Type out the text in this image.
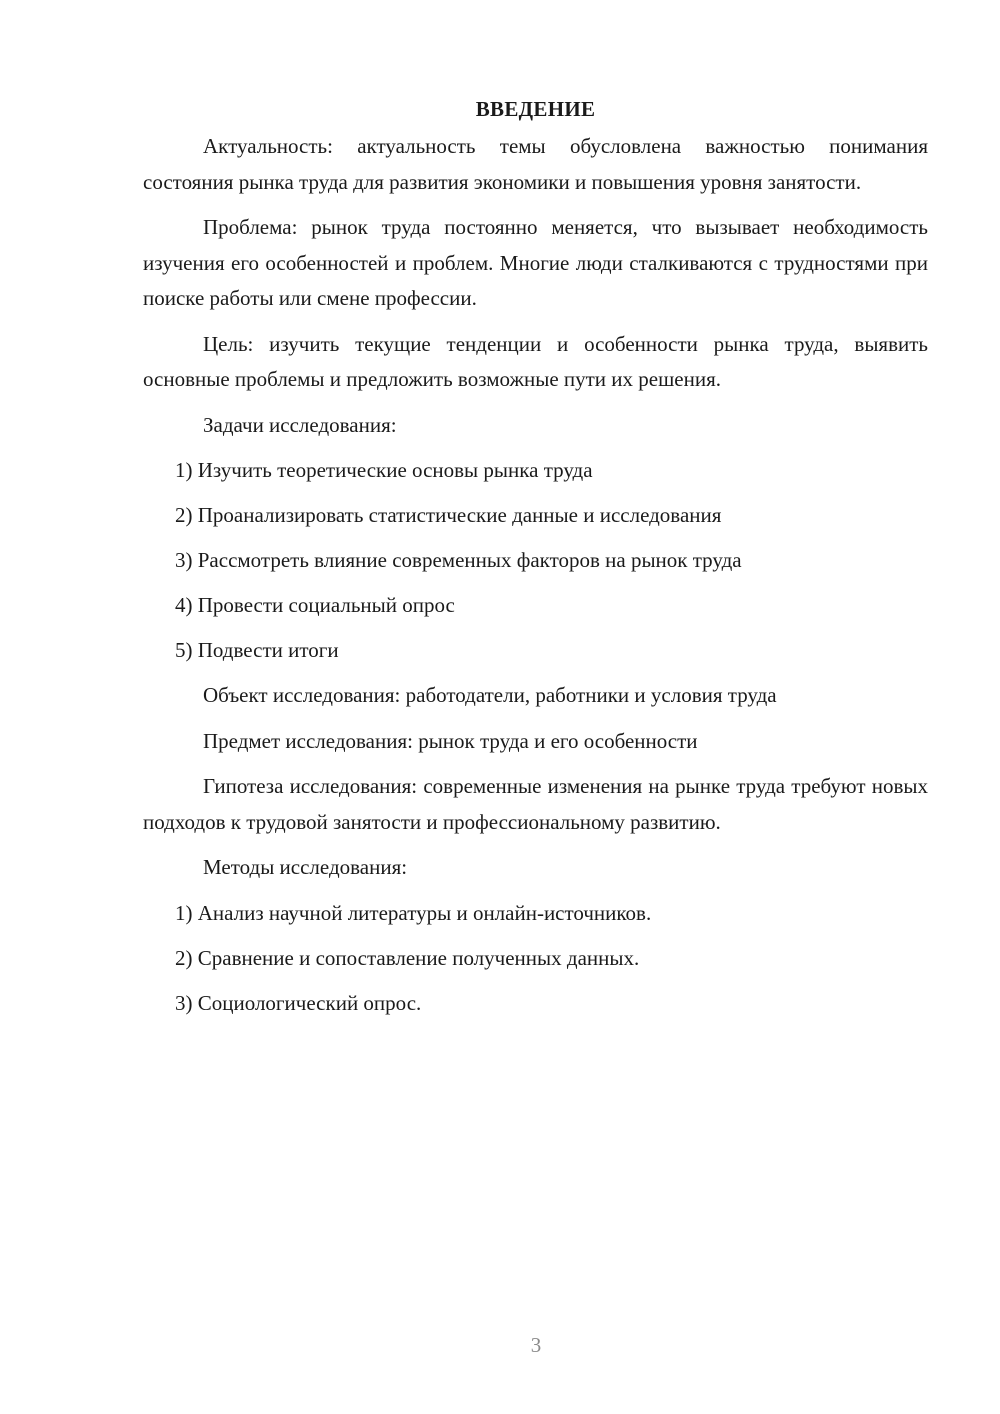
ВВЕДЕНИЕ

Актуальность: актуальность темы обусловлена важностью понимания состояния рынка труда для развития экономики и повышения уровня занятости.

Проблема: рынок труда постоянно меняется, что вызывает необходимость изучения его особенностей и проблем. Многие люди сталкиваются с трудностями при поиске работы или смене профессии.

Цель: изучить текущие тенденции и особенности рынка труда, выявить основные проблемы и предложить возможные пути их решения.

Задачи исследования:

1) Изучить теоретические основы рынка труда
2) Проанализировать статистические данные и исследования
3) Рассмотреть влияние современных факторов на рынок труда
4) Провести социальный опрос
5) Подвести итоги

Объект исследования: работодатели, работники и условия труда

Предмет исследования: рынок труда и его особенности

Гипотеза исследования: современные изменения на рынке труда требуют новых подходов к трудовой занятости и профессиональному развитию.

Методы исследования:

1) Анализ научной литературы и онлайн-источников.
2) Сравнение и сопоставление полученных данных.
3) Социологический опрос.
3
